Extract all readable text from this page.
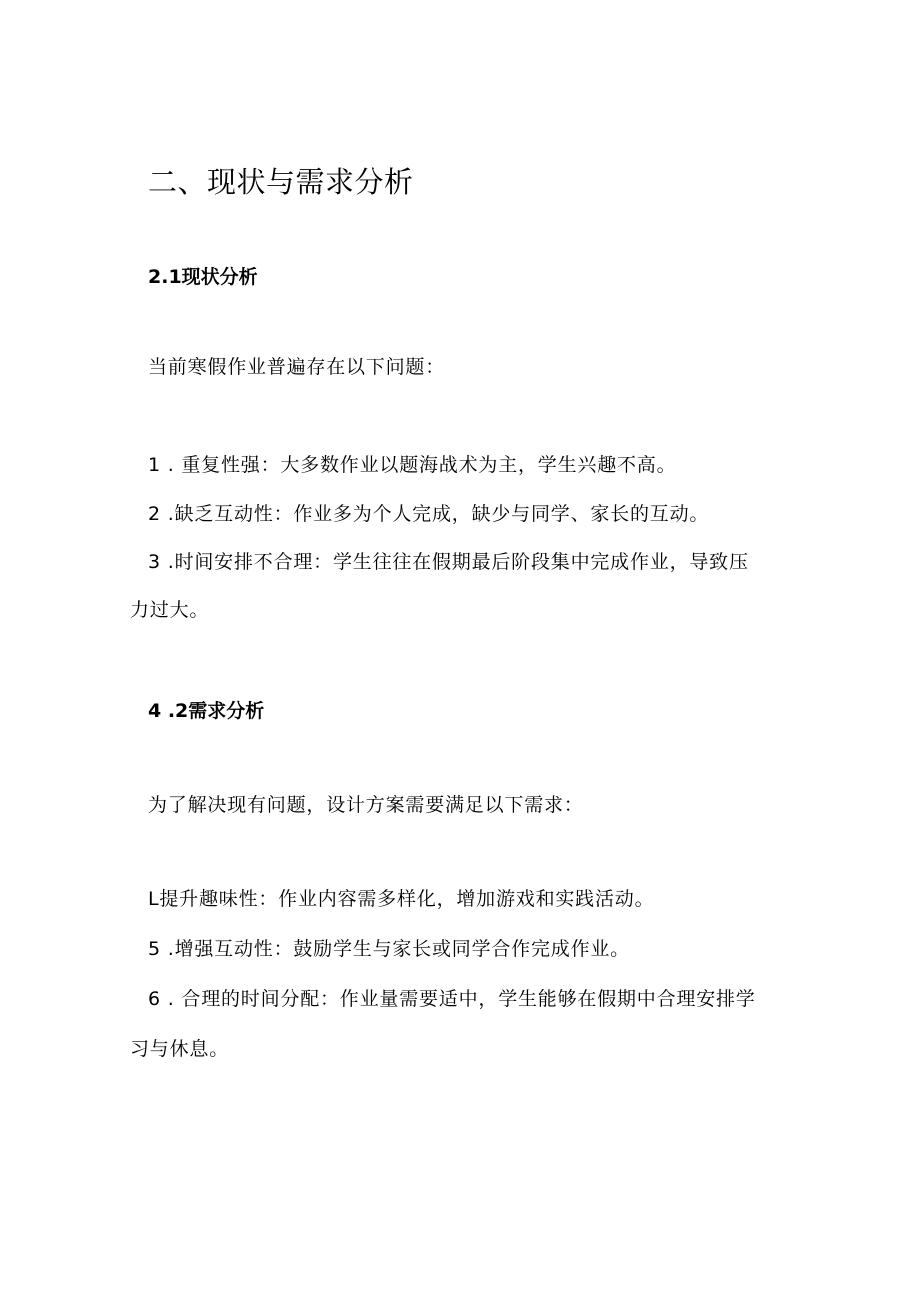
二、现状与需求分析
2.1现状分析
当前寒假作业普遍存在以下问题：
1 . 重复性强：大多数作业以题海战术为主，学生兴趣不高。
2 .缺乏互动性：作业多为个人完成，缺少与同学、家长的互动。
3 .时间安排不合理：学生往往在假期最后阶段集中完成作业，导致压
力过大。
4 .2需求分析
为了解决现有问题，设计方案需要满足以下需求：
L提升趣味性：作业内容需多样化，增加游戏和实践活动。
5 .增强互动性：鼓励学生与家长或同学合作完成作业。
6 . 合理的时间分配：作业量需要适中，学生能够在假期中合理安排学
习与休息。
